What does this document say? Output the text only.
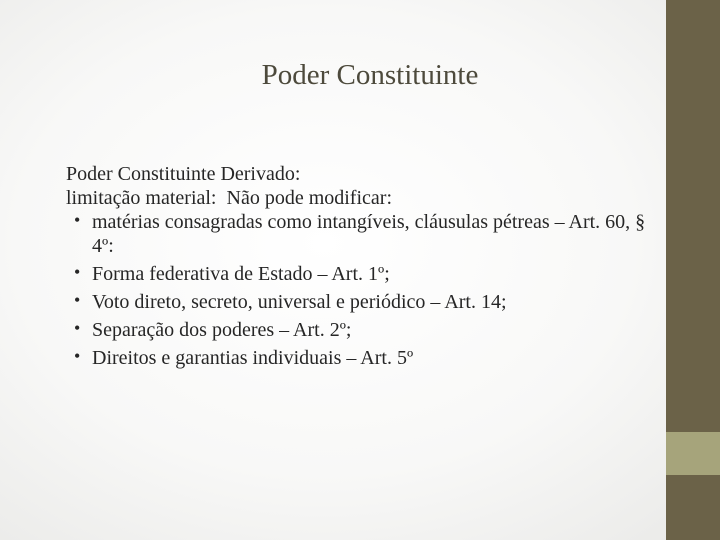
Poder Constituinte

Poder Constituinte Derivado:

limitação material:  Não pode modificar:

• matérias consagradas como intangíveis, cláusulas pétreas – Art. 60, § 4º:
• Forma federativa de Estado – Art. 1º;
• Voto direto, secreto, universal e periódico – Art. 14;
• Separação dos poderes – Art. 2º;
• Direitos e garantias individuais – Art. 5º
